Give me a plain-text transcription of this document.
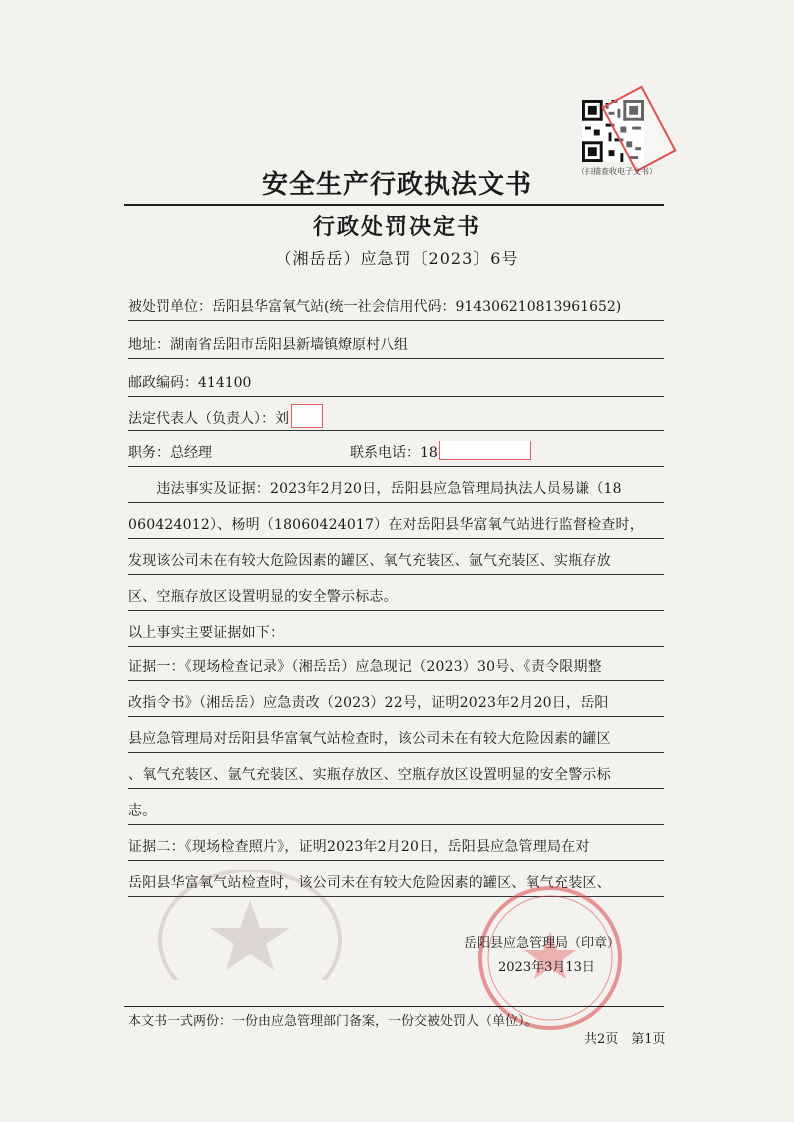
（扫描查收电子文书）
安全生产行政执法文书
行政处罚决定书
（湘岳岳）应急罚〔2023〕6号
被处罚单位：岳阳县华富氧气站(统一社会信用代码：914306210813961652)
地址：湖南省岳阳市岳阳县新墙镇燎原村八组
邮政编码：414100
法定代表人（负责人）：刘
职务：总经理	联系电话：18
　　违法事实及证据：2023年2月20日，岳阳县应急管理局执法人员易谦（18
060424012）、杨明（18060424017）在对岳阳县华富氧气站进行监督检查时，
发现该公司未在有较大危险因素的罐区、氧气充装区、氩气充装区、实瓶存放
区、空瓶存放区设置明显的安全警示标志。
以上事实主要证据如下：
证据一：《现场检查记录》（湘岳岳）应急现记（2023）30号、《责令限期整
改指令书》（湘岳岳）应急责改（2023）22号，证明2023年2月20日，岳阳
县应急管理局对岳阳县华富氧气站检查时，该公司未在有较大危险因素的罐区
、氧气充装区、氩气充装区、实瓶存放区、空瓶存放区设置明显的安全警示标
志。
证据二：《现场检查照片》，证明2023年2月20日，岳阳县应急管理局在对
岳阳县华富氧气站检查时，该公司未在有较大危险因素的罐区、氧气充装区、
岳阳县应急管理局（印章）
2023年3月13日
本文书一式两份：一份由应急管理部门备案，一份交被处罚人（单位）。
共2页　第1页
